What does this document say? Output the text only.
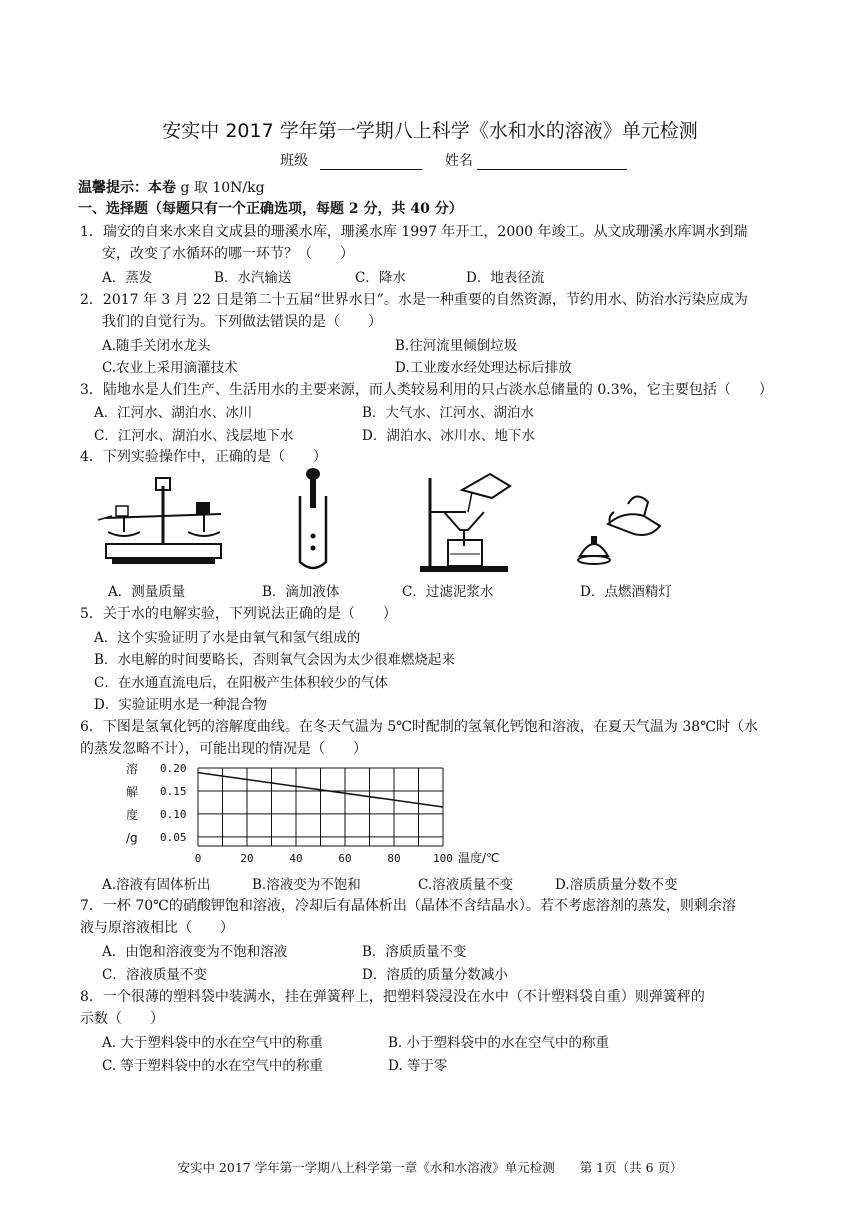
安实中 2017 学年第一学期八上科学《水和水的溶液》单元检测
班级	姓名
温馨提示：本卷 g 取 10N/kg
一、选择题（每题只有一个正确选项，每题 2 分，共 40 分）
1．瑞安的自来水来自文成县的珊溪水库，珊溪水库 1997 年开工，2000 年竣工。从文成珊溪水库调水到瑞
安，改变了水循环的哪一环节？（　　）
A．蒸发	B．水汽输送	C．降水	D．地表径流
2．2017 年 3 月 22 日是第二十五届“世界水日”。水是一种重要的自然资源，节约用水、防治水污染应成为
我们的自觉行为。下列做法错误的是（　　）
A.随手关闭水龙头	B.往河流里倾倒垃圾
C.农业上采用滴灌技术	D.工业废水经处理达标后排放
3．陆地水是人们生产、生活用水的主要来源，而人类较易利用的只占淡水总储量的 0.3%，它主要包括（　　）
A．江河水、湖泊水、冰川	B．大气水、江河水、湖泊水
C．江河水、湖泊水、浅层地下水	D．湖泊水、冰川水、地下水
4．下列实验操作中，正确的是（　　）
A．测量质量	B．滴加液体	C．过滤泥浆水	D．点燃酒精灯
5．关于水的电解实验，下列说法正确的是（　　）
A．这个实验证明了水是由氧气和氢气组成的
B．水电解的时间要略长，否则氧气会因为太少很难燃烧起来
C．在水通直流电后，在阳极产生体积较少的气体
D．实验证明水是一种混合物
6．下图是氢氧化钙的溶解度曲线。在冬天气温为 5℃时配制的氢氧化钙饱和溶液，在夏天气温为 38℃时（水
的蒸发忽略不计），可能出现的情况是（　　）
溶
解
度
/g
0.20
0.15
0.10
0.05
0	20	40	60	80	100 温度/℃
A.溶液有固体析出	B.溶液变为不饱和	C.溶液质量不变	D.溶质质量分数不变
7．一杯 70℃的硝酸钾饱和溶液，冷却后有晶体析出（晶体不含结晶水）。若不考虑溶剂的蒸发，则剩余溶
液与原溶液相比（　　）
A．由饱和溶液变为不饱和溶液	B．溶质质量不变
C．溶液质量不变	D．溶质的质量分数减小
8．一个很薄的塑料袋中装满水，挂在弹簧秤上，把塑料袋浸没在水中（不计塑料袋自重）则弹簧秤的
示数（　　）
A. 大于塑料袋中的水在空气中的称重	B. 小于塑料袋中的水在空气中的称重
C. 等于塑料袋中的水在空气中的称重	D. 等于零
安实中 2017 学年第一学期八上科学第一章《水和水溶液》单元检测　　第 1页（共 6 页）
